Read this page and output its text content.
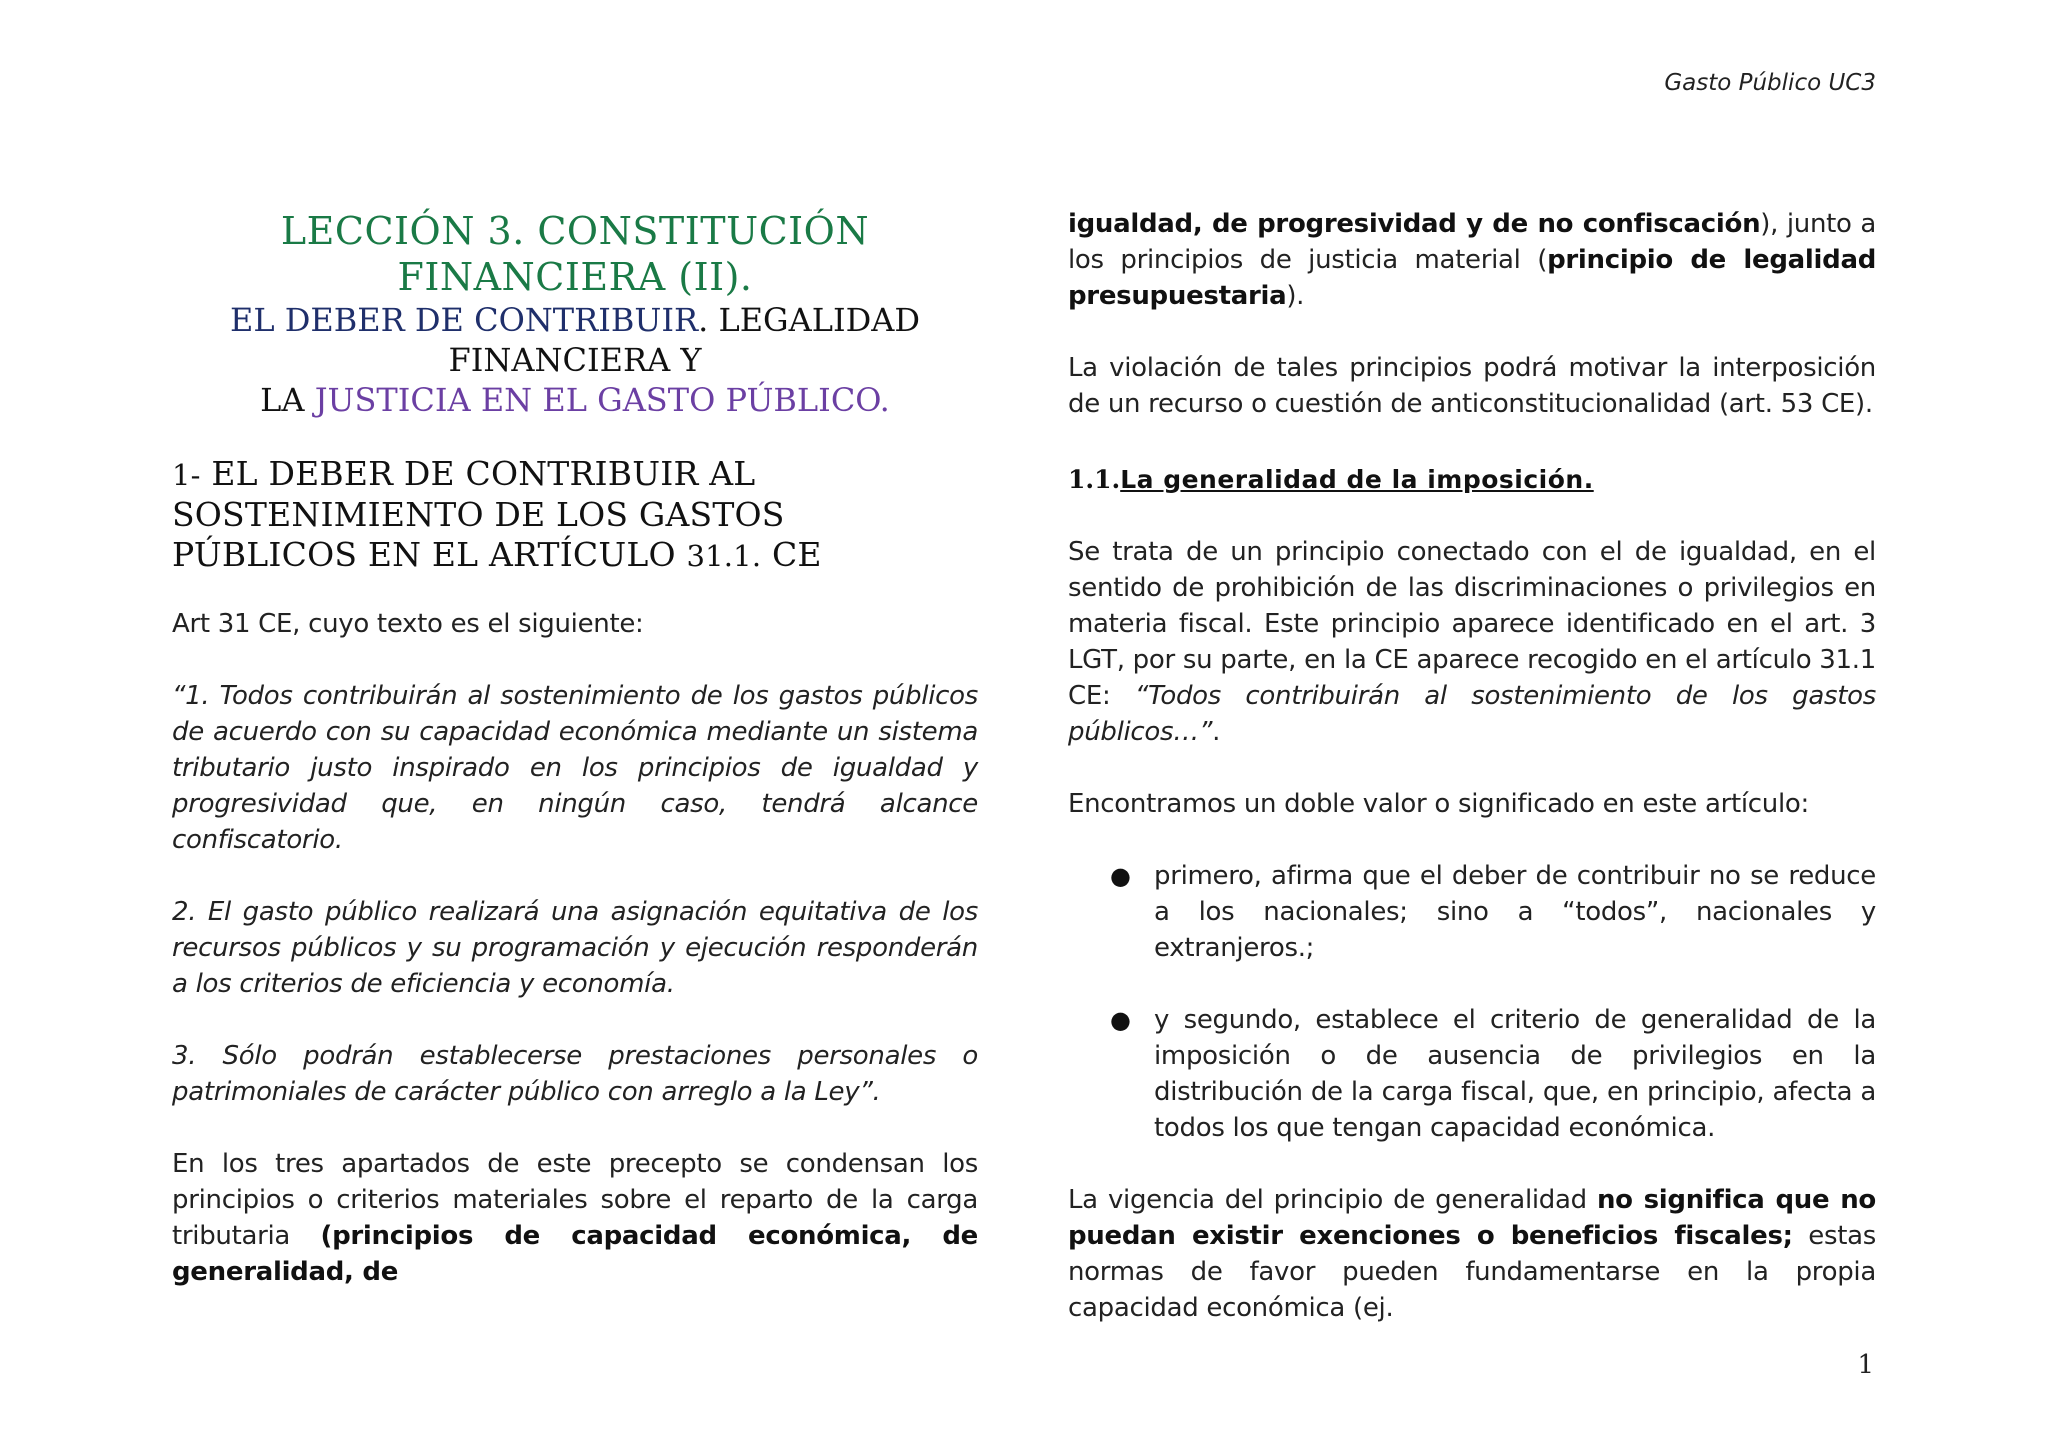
Gasto Público UC3
LECCIÓN 3. CONSTITUCIÓN
FINANCIERA (II).
EL DEBER DE CONTRIBUIR. LEGALIDAD
FINANCIERA Y
LA JUSTICIA EN EL GASTO PÚBLICO.
1- EL DEBER DE CONTRIBUIR AL
SOSTENIMIENTO DE LOS GASTOS
PÚBLICOS EN EL ARTÍCULO 31.1. CE

Art 31 CE, cuyo texto es el siguiente:

“1. Todos contribuirán al sostenimiento de los gastos públicos de acuerdo con su capacidad económica mediante un sistema tributario justo inspirado en los principios de igualdad y progresividad que, en ningún caso, tendrá alcance confiscatorio.

2. El gasto público realizará una asignación equitativa de los recursos públicos y su programación y ejecución responderán a los criterios de eficiencia y economía.

3. Sólo podrán establecerse prestaciones personales o patrimoniales de carácter público con arreglo a la Ley”.

En los tres apartados de este precepto se condensan los principios o criterios materiales sobre el reparto de la carga tributaria (principios de capacidad económica, de generalidad, de

igualdad, de progresividad y de no confiscación), junto a los principios de justicia material (principio de legalidad presupuestaria).

La violación de tales principios podrá motivar la interposición de un recurso o cuestión de anticonstitucionalidad (art. 53 CE).

1.1.La generalidad de la imposición.

Se trata de un principio conectado con el de igualdad, en el sentido de prohibición de las discriminaciones o privilegios en materia fiscal. Este principio aparece identificado en el art. 3 LGT, por su parte, en la CE aparece recogido en el artículo 31.1 CE: “Todos contribuirán al sostenimiento de los gastos públicos…”.

Encontramos un doble valor o significado en este artículo:

● primero, afirma que el deber de contribuir no se reduce a los nacionales; sino a “todos”, nacionales y extranjeros.;

● y segundo, establece el criterio de generalidad de la imposición o de ausencia de privilegios en la distribución de la carga fiscal, que, en principio, afecta a todos los que tengan capacidad económica.

La vigencia del principio de generalidad no significa que no puedan existir exenciones o beneficios fiscales; estas normas de favor pueden fundamentarse en la propia capacidad económica (ej.

1
